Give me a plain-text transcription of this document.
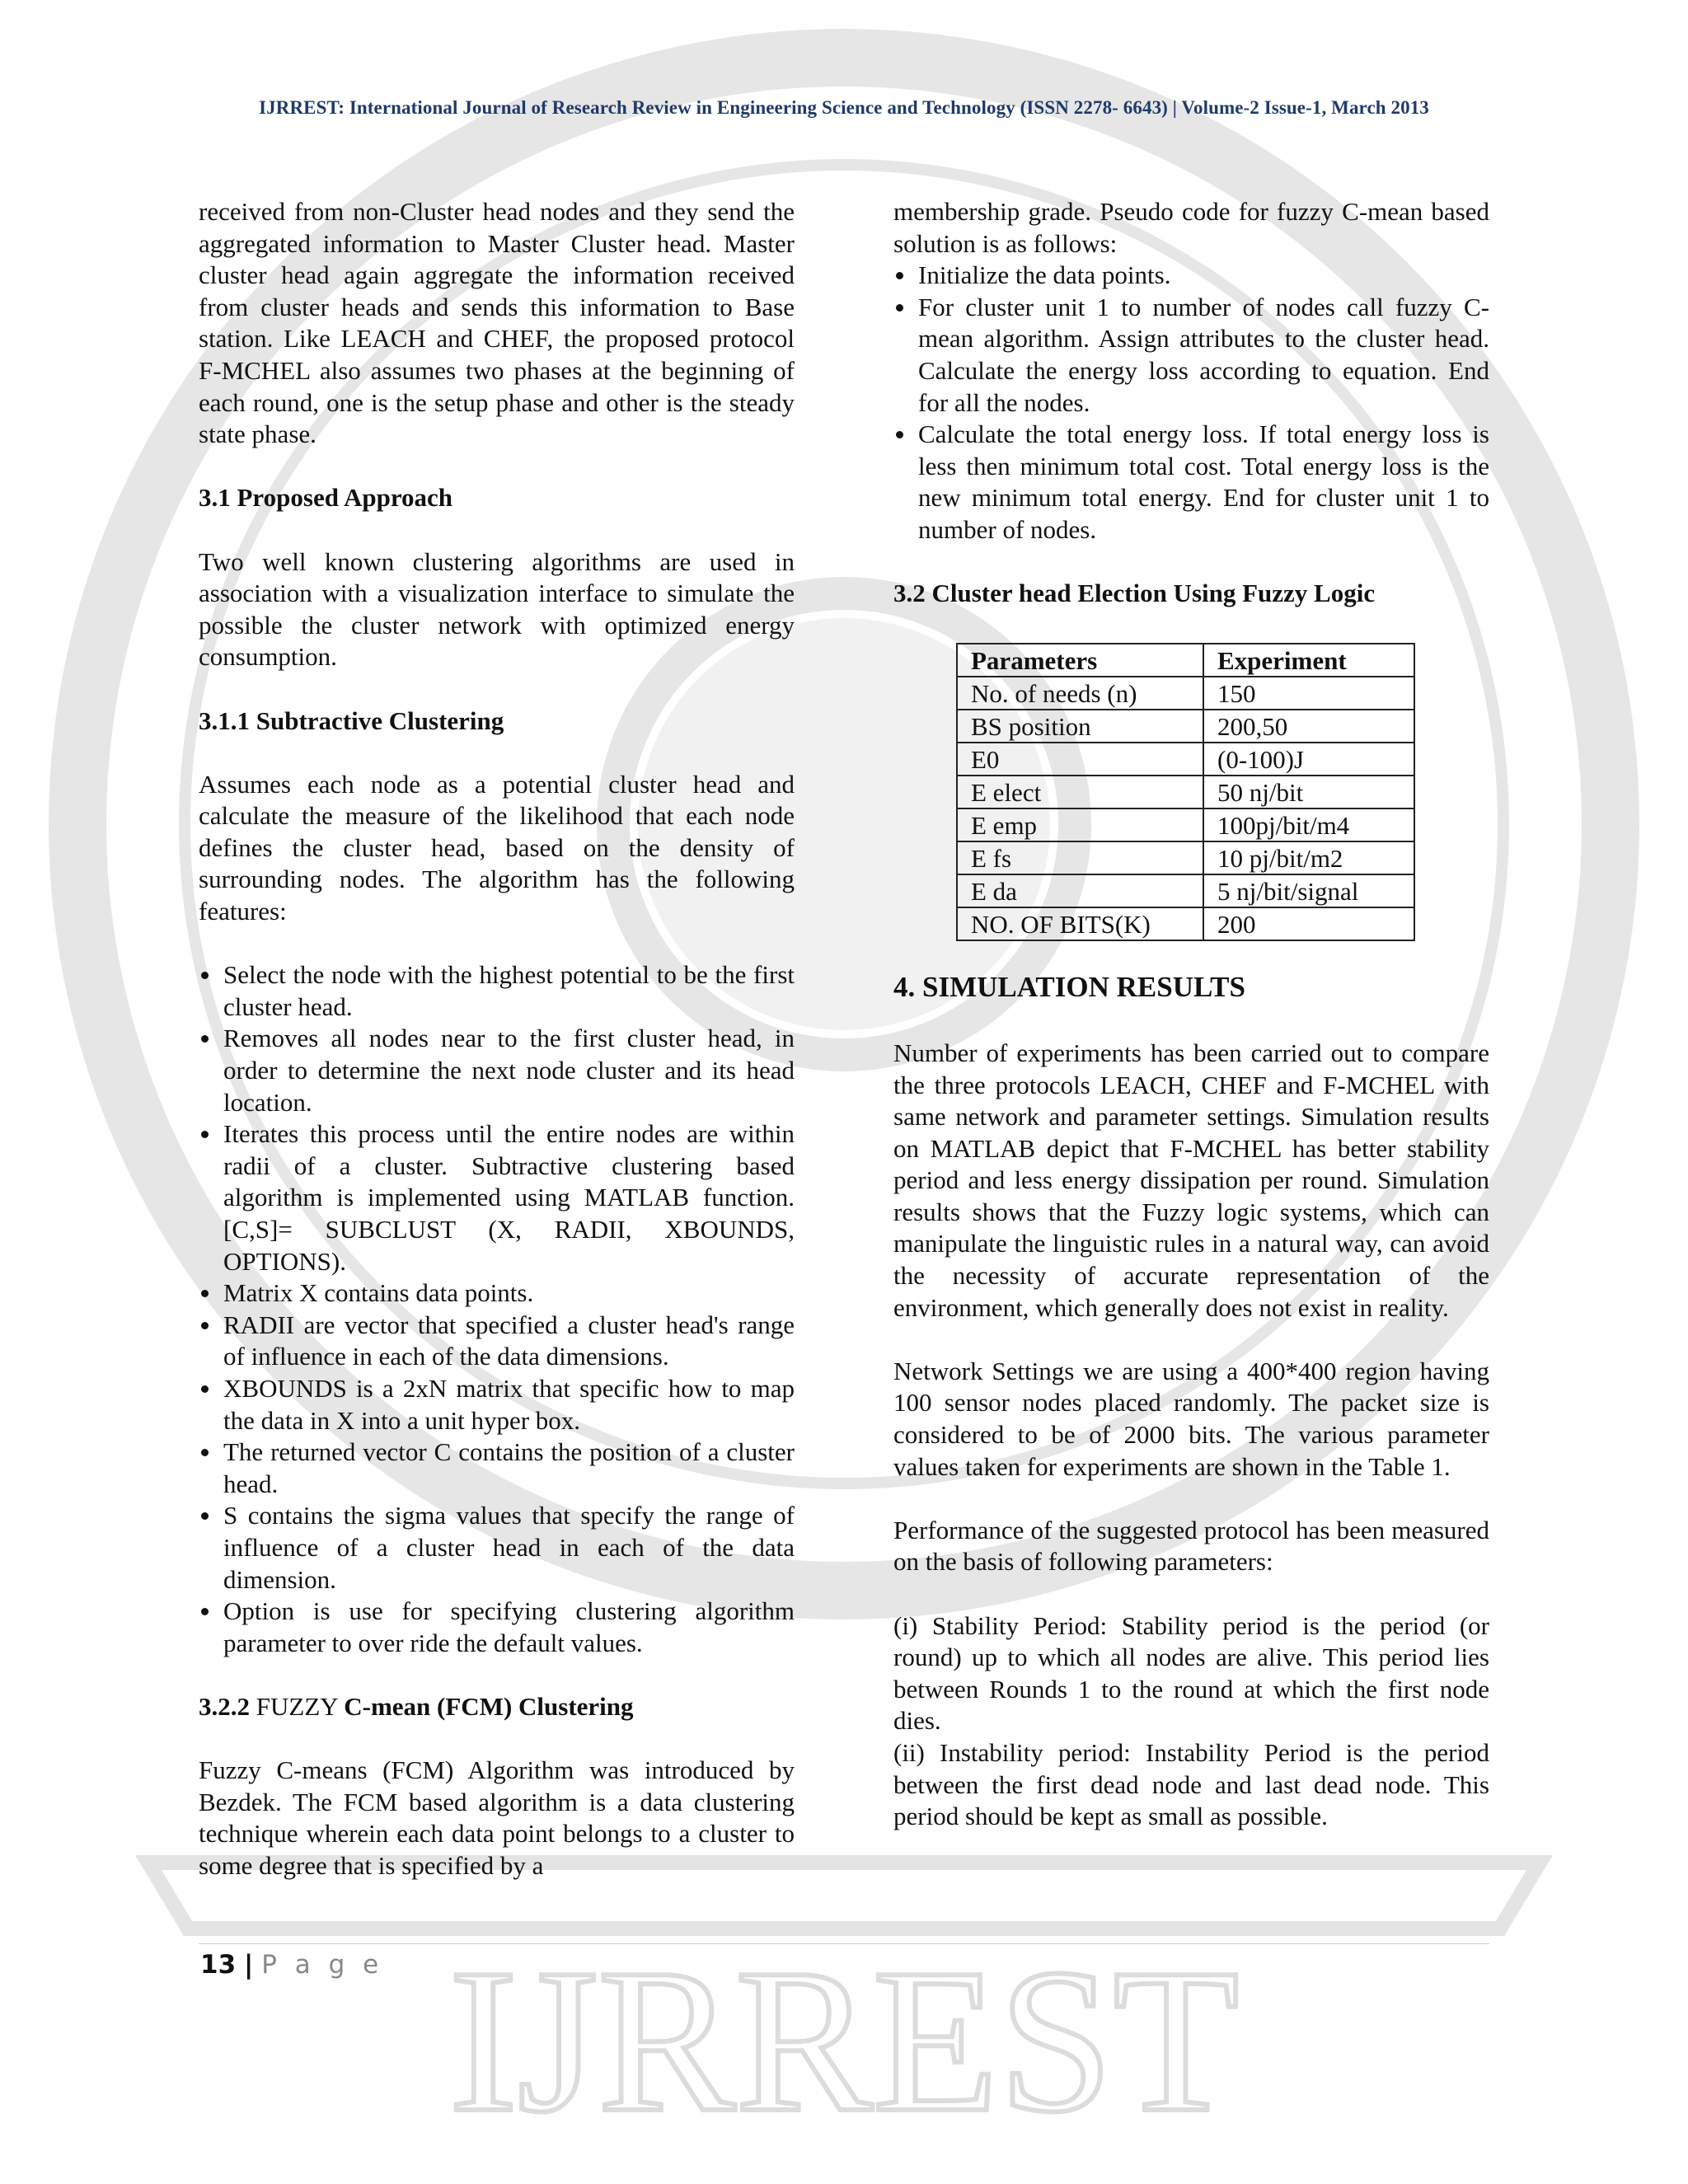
IJRREST
IJRREST: International Journal of Research Review in Engineering Science and Technology (ISSN 2278- 6643) | Volume-2 Issue-1, March 2013

received from non-Cluster head nodes and they send the aggregated information to Master Cluster head. Master cluster head again aggregate the information received from cluster heads and sends this information to Base station. Like LEACH and CHEF, the proposed protocol F-MCHEL also assumes two phases at the beginning of each round, one is the setup phase and other is the steady state phase.

3.1 Proposed Approach

Two well known clustering algorithms are used in association with a visualization interface to simulate the possible the cluster network with optimized energy consumption.

3.1.1 Subtractive Clustering

Assumes each node as a potential cluster head and calculate the measure of the likelihood that each node defines the cluster head, based on the density of surrounding nodes. The algorithm has the following features:

Select the node with the highest potential to be the first cluster head.
Removes all nodes near to the first cluster head, in order to determine the next node cluster and its head location.
Iterates this process until the entire nodes are within radii of a cluster. Subtractive clustering based algorithm is implemented using MATLAB function. [C,S]= SUBCLUST (X, RADII, XBOUNDS, OPTIONS).
Matrix X contains data points.
RADII are vector that specified a cluster head's range of influence in each of the data dimensions.
XBOUNDS is a 2xN matrix that specific how to map the data in X into a unit hyper box.
The returned vector C contains the position of a cluster head.
S contains the sigma values that specify the range of influence of a cluster head in each of the data dimension.
Option is use for specifying clustering algorithm parameter to over ride the default values.

3.2.2 FUZZY C-mean (FCM) Clustering

Fuzzy C-means (FCM) Algorithm was introduced by Bezdek. The FCM based algorithm is a data clustering technique wherein each data point belongs to a cluster to some degree that is specified by a

membership grade. Pseudo code for fuzzy C-mean based solution is as follows:

Initialize the data points.
For cluster unit 1 to number of nodes call fuzzy C-mean algorithm. Assign attributes to the cluster head. Calculate the energy loss according to equation. End for all the nodes.
Calculate the total energy loss. If total energy loss is less then minimum total cost. Total energy loss is the new minimum total energy. End for cluster unit 1 to number of nodes.

3.2 Cluster head Election Using Fuzzy Logic

Parameters	Experiment
No. of needs (n)	150
BS position	200,50
E0	(0-100)J
E elect	50 nj/bit
E emp	100pj/bit/m4
E fs	10 pj/bit/m2
E da	5 nj/bit/signal
NO. OF BITS(K)	200

4. SIMULATION RESULTS

Number of experiments has been carried out to compare the three protocols LEACH, CHEF and F-MCHEL with same network and parameter settings. Simulation results on MATLAB depict that F-MCHEL has better stability period and less energy dissipation per round. Simulation results shows that the Fuzzy logic systems, which can manipulate the linguistic rules in a natural way, can avoid the necessity of accurate representation of the environment, which generally does not exist in reality.

Network Settings we are using a 400*400 region having 100 sensor nodes placed randomly. The packet size is considered to be of 2000 bits. The various parameter values taken for experiments are shown in the Table 1.

Performance of the suggested protocol has been measured on the basis of following parameters:

(i) Stability Period: Stability period is the period (or round) up to which all nodes are alive. This period lies between Rounds 1 to the round at which the first node dies.

(ii) Instability period: Instability Period is the period between the first dead node and last dead node. This period should be kept as small as possible.

13 | P a g e
